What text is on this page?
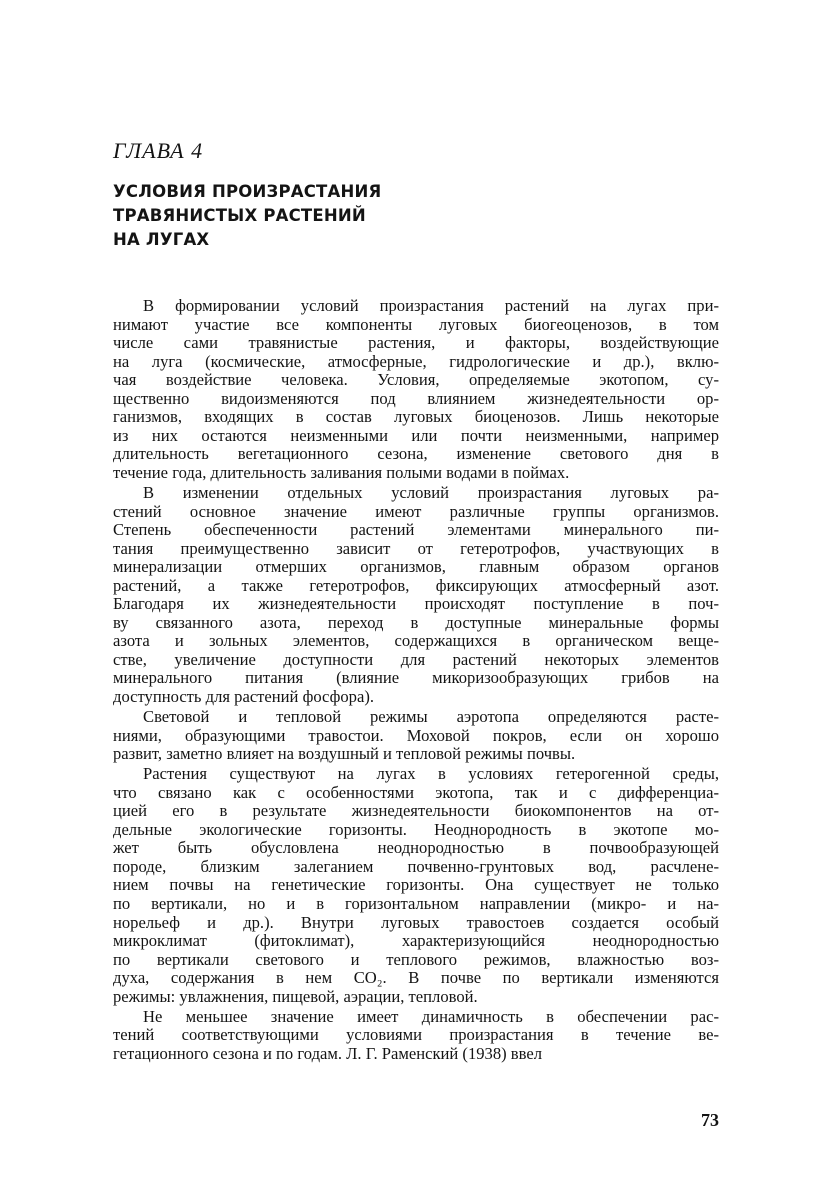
ГЛАВА 4
УСЛОВИЯ ПРОИЗРАСТАНИЯ
ТРАВЯНИСТЫХ РАСТЕНИЙ
НА ЛУГАХ
В формировании условий произрастания растений на лугах при-
нимают участие все компоненты луговых биогеоценозов, в том
числе сами травянистые растения, и факторы, воздействующие
на луга (космические, атмосферные, гидрологические и др.), вклю-
чая воздействие человека. Условия, определяемые экотопом, су-
щественно видоизменяются под влиянием жизнедеятельности ор-
ганизмов, входящих в состав луговых биоценозов. Лишь некоторые
из них остаются неизменными или почти неизменными, например
длительность вегетационного сезона, изменение светового дня в
течение года, длительность заливания полыми водами в поймах.
В изменении отдельных условий произрастания луговых ра-
стений основное значение имеют различные группы организмов.
Степень обеспеченности растений элементами минерального пи-
тания преимущественно зависит от гетеротрофов, участвующих в
минерализации отмерших организмов, главным образом органов
растений, а также гетеротрофов, фиксирующих атмосферный азот.
Благодаря их жизнедеятельности происходят поступление в поч-
ву связанного азота, переход в доступные минеральные формы
азота и зольных элементов, содержащихся в органическом веще-
стве, увеличение доступности для растений некоторых элементов
минерального питания (влияние микоризообразующих грибов на
доступность для растений фосфора).
Световой и тепловой режимы аэротопа определяются расте-
ниями, образующими травостои. Моховой покров, если он хорошо
развит, заметно влияет на воздушный и тепловой режимы почвы.
Растения существуют на лугах в условиях гетерогенной среды,
что связано как с особенностями экотопа, так и с дифференциа-
цией его в результате жизнедеятельности биокомпонентов на от-
дельные экологические горизонты. Неоднородность в экотопе мо-
жет быть обусловлена неоднородностью в почвообразующей
породе, близким залеганием почвенно-грунтовых вод, расчлене-
нием почвы на генетические горизонты. Она существует не только
по вертикали, но и в горизонтальном направлении (микро- и на-
норельеф и др.). Внутри луговых травостоев создается особый
микроклимат (фитоклимат), характеризующийся неоднородностью
по вертикали светового и теплового режимов, влажностью воз-
духа, содержания в нем СО₂. В почве по вертикали изменяются
режимы: увлажнения, пищевой, аэрации, тепловой.
Не меньшее значение имеет динамичность в обеспечении рас-
тений соответствующими условиями произрастания в течение ве-
гетационного сезона и по годам. Л. Г. Раменский (1938) ввел
73
